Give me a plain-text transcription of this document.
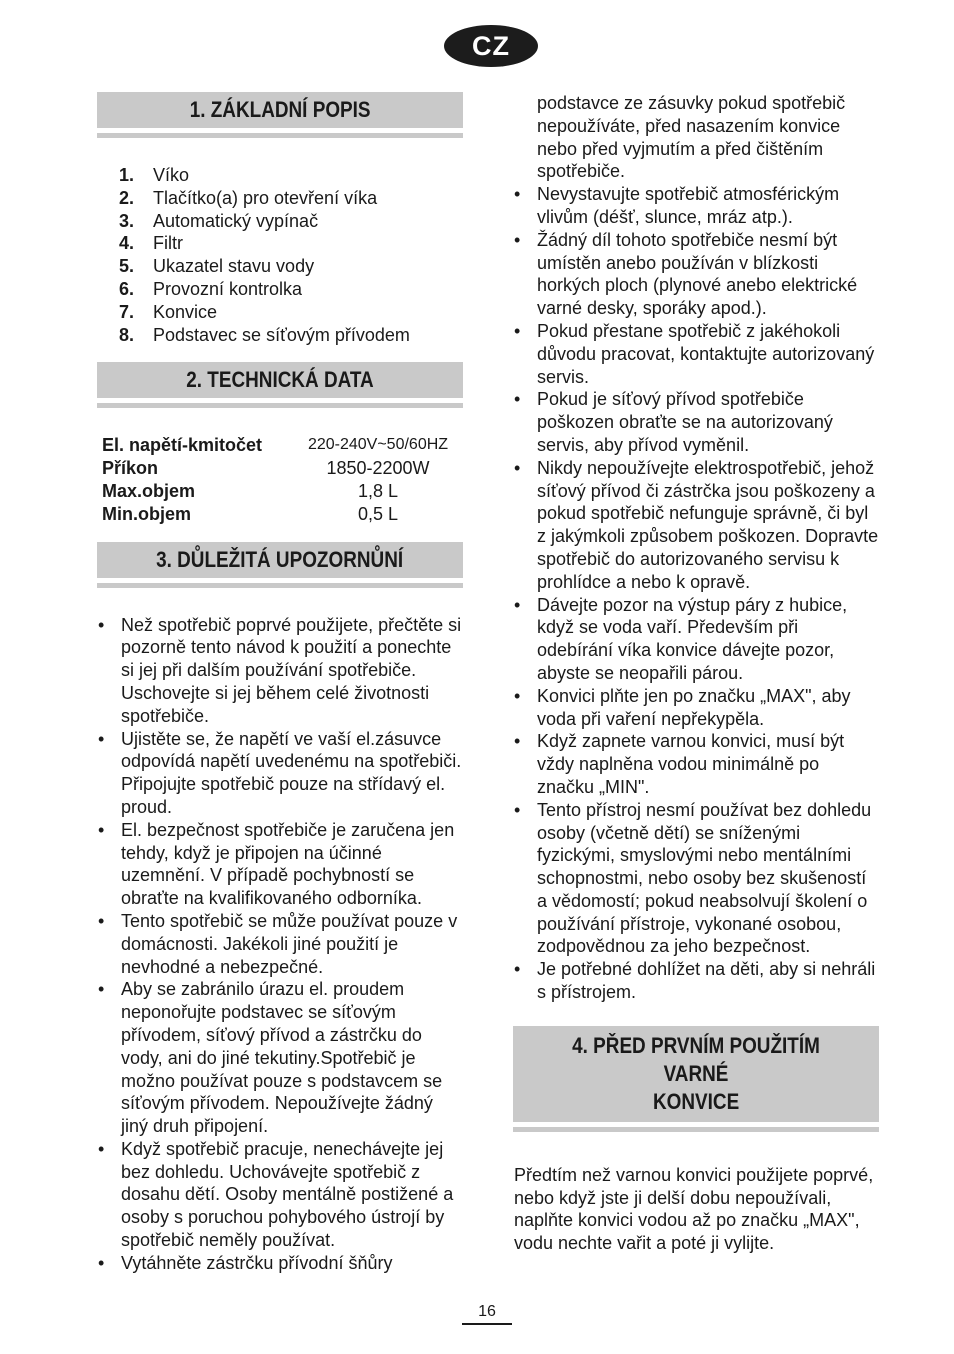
CZ
1. ZÁKLADNÍ POPIS
1. Víko
2. Tlačítko(a) pro otevření víka
3. Automatický vypínač
4. Filtr
5. Ukazatel stavu vody
6. Provozní kontrolka
7. Konvice
8. Podstavec se síťovým přívodem
2. TECHNICKÁ DATA
El. napětí-kmitočet	220-240V~50/60HZ
Příkon	1850-2200W
Max.objem	1,8 L
Min.objem	0,5 L
3. DŮLEŽITÁ UPOZORNŮNÍ
• Než spotřebič poprvé použijete, přečtěte si pozorně tento návod k použití a ponechte si jej při dalším používání spotřebiče. Uschovejte si jej během celé životnosti spotřebiče.
• Ujistěte se, že napětí ve vaší el.zásuvce odpovídá napětí uvedenému na spotřebiči. Připojujte spotřebič pouze na střídavý el. proud.
• El. bezpečnost spotřebiče je zaručena jen tehdy, když je připojen na účinné uzemnění. V případě pochybností se obraťte na kvalifikovaného odborníka.
• Tento spotřebič se může používat pouze v domácnosti. Jakékoli jiné použití je nevhodné a nebezpečné.
• Aby se zabránilo úrazu el. proudem neponořujte podstavec se síťovým přívodem, síťový přívod a zástrčku do vody, ani do jiné tekutiny.Spotřebič je možno používat pouze s podstavcem se síťovým přívodem. Nepoužívejte žádný jiný druh připojení.
• Když spotřebič pracuje, nenechávejte jej bez dohledu. Uchovávejte spotřebič z dosahu dětí. Osoby mentálně postižené a osoby s poruchou pohybového ústrojí by spotřebič neměly používat.
• Vytáhněte zástrčku přívodní šňůry
podstavce ze zásuvky pokud spotřebič nepoužíváte, před nasazením konvice nebo před vyjmutím a před čištěním spotřebiče.
• Nevystavujte spotřebič atmosférickým vlivům (déšť, slunce, mráz atp.).
• Žádný díl tohoto spotřebiče nesmí být umístěn anebo používán v blízkosti horkých ploch (plynové anebo elektrické varné desky, sporáky apod.).
• Pokud přestane spotřebič z jakéhokoli důvodu pracovat, kontaktujte autorizovaný servis.
• Pokud je síťový přívod spotřebiče poškozen obraťte se na autorizovaný servis, aby přívod vyměnil.
• Nikdy nepoužívejte elektrospotřebič, jehož síťový přívod či zástrčka jsou poškozeny a pokud spotřebič nefunguje správně, či byl z jakýmkoli způsobem poškozen. Dopravte spotřebič do autorizovaného servisu k prohlídce a nebo k opravě.
• Dávejte pozor na výstup páry z hubice, když se voda vaří. Především při odebírání víka konvice dávejte pozor, abyste se neopařili párou.
• Konvici plňte jen po značku „MAX", aby voda při vaření nepřekypěla.
• Když zapnete varnou konvici, musí být vždy naplněna vodou minimálně po značku „MIN".
• Tento přístroj nesmí používat bez dohledu osoby (včetně dětí) se sníženými fyzickými, smyslovými nebo mentálními schopnostmi, nebo osoby bez skušeností a vědomostí; pokud neabsolvují školení o používání přístroje, vykonané osobou, zodpovědnou za jeho bezpečnost.
• Je potřebné dohlížet na děti, aby si nehráli s přístrojem.
4. PŘED PRVNÍM POUŽITÍM VARNÉ
KONVICE
Předtím než varnou konvici použijete poprvé, nebo když jste ji delší dobu nepoužívali, naplňte konvici vodou až po značku „MAX", vodu nechte vařit a poté ji vylijte.
16
